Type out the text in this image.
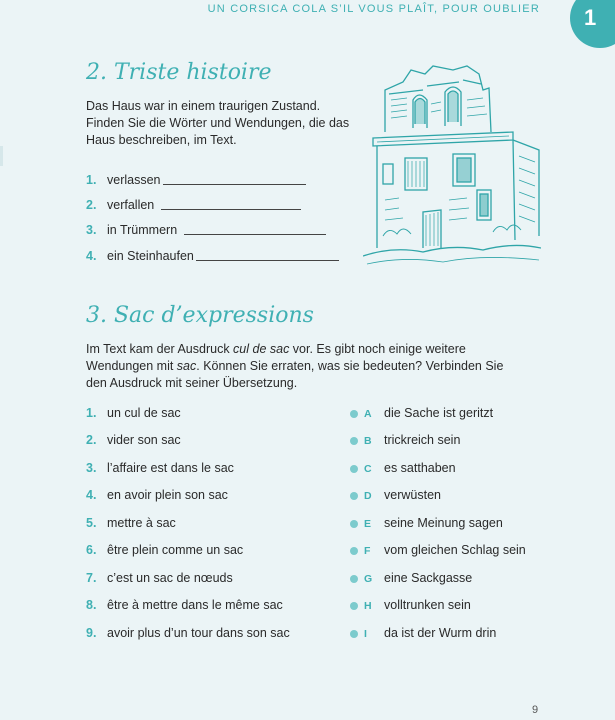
UN CORSICA COLA S’IL VOUS PLAÎT, POUR OUBLIER 1
2. Triste histoire
Das Haus war in einem traurigen Zustand. Finden Sie die Wörter und Wendungen, die das Haus beschreiben, im Text.
1. verlassen
2. verfallen
3. in Trümmern
4. ein Steinhaufen
3. Sac d’expressions
Im Text kam der Ausdruck cul de sac vor. Es gibt noch einige weitere Wendungen mit sac. Können Sie erraten, was sie bedeuten? Verbinden Sie den Ausdruck mit seiner Übersetzung.
1. un cul de sac
2. vider son sac
3. l’affaire est dans le sac
4. en avoir plein son sac
5. mettre à sac
6. être plein comme un sac
7. c’est un sac de nœuds
8. être à mettre dans le même sac
9. avoir plus d’un tour dans son sac
A die Sache ist geritzt
B trickreich sein
C es satthaben
D verwüsten
E seine Meinung sagen
F vom gleichen Schlag sein
G eine Sackgasse
H volltrunken sein
I da ist der Wurm drin
9
